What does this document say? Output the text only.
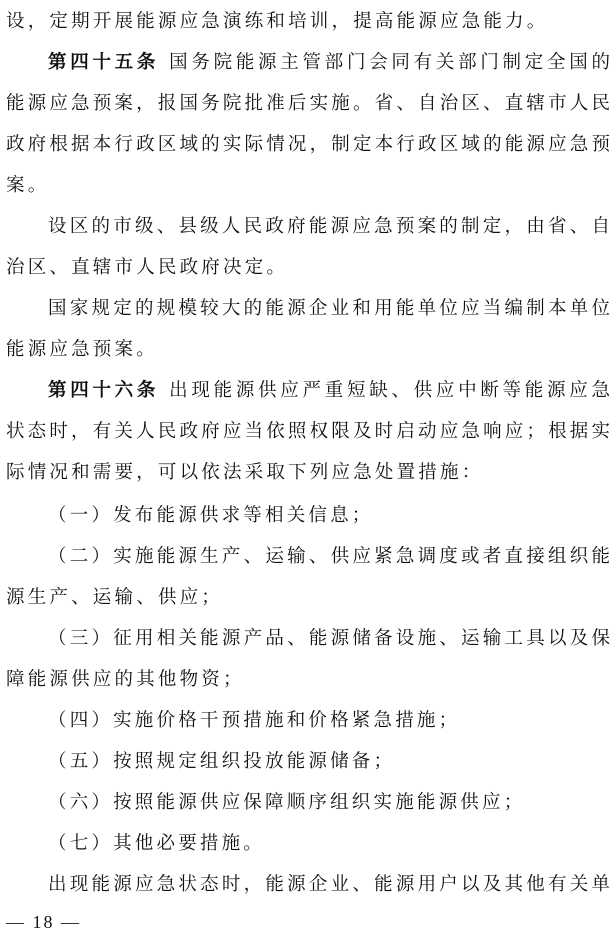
设，定期开展能源应急演练和培训，提高能源应急能力。
第四十五条 国务院能源主管部门会同有关部门制定全国的
能源应急预案，报国务院批准后实施。省、自治区、直辖市人民
政府根据本行政区域的实际情况，制定本行政区域的能源应急预
案。
设区的市级、县级人民政府能源应急预案的制定，由省、自
治区、直辖市人民政府决定。
国家规定的规模较大的能源企业和用能单位应当编制本单位
能源应急预案。
第四十六条 出现能源供应严重短缺、供应中断等能源应急
状态时，有关人民政府应当依照权限及时启动应急响应；根据实
际情况和需要，可以依法采取下列应急处置措施：
（一）发布能源供求等相关信息；
（二）实施能源生产、运输、供应紧急调度或者直接组织能
源生产、运输、供应；
（三）征用相关能源产品、能源储备设施、运输工具以及保
障能源供应的其他物资；
（四）实施价格干预措施和价格紧急措施；
（五）按照规定组织投放能源储备；
（六）按照能源供应保障顺序组织实施能源供应；
（七）其他必要措施。
出现能源应急状态时，能源企业、能源用户以及其他有关单
— 18 —
